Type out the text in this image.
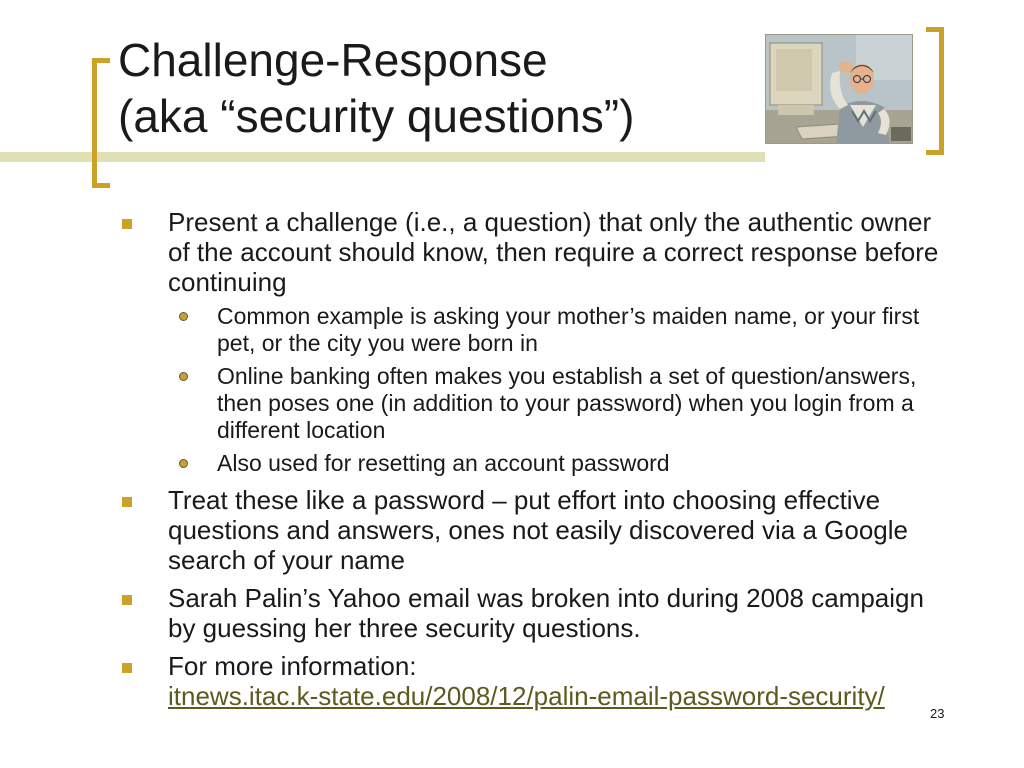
Challenge-Response
(aka “security questions”)
Present a challenge (i.e., a question) that only the authentic owner of the account should know, then require a correct response before continuing
Common example is asking your mother’s maiden name, or your first pet, or the city you were born in
Online banking often makes you establish a set of question/answers, then poses one (in addition to your password) when you login from a different location
Also used for resetting an account password
Treat these like a password – put effort into choosing effective questions and answers, ones not easily discovered via a Google search of your name
Sarah Palin’s Yahoo email was broken into during 2008 campaign by guessing her three security questions.
For more information:
itnews.itac.k-state.edu/2008/12/palin-email-password-security/
23
